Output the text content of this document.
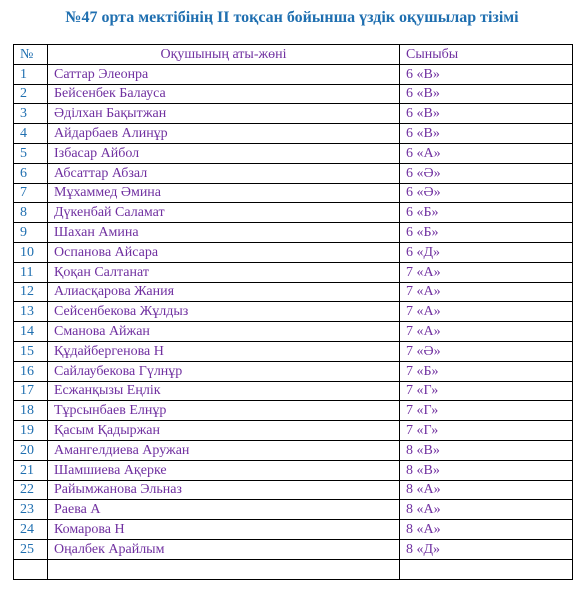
№47 орта мектібінің ІІ тоқсан бойынша үздік оқушылар тізімі
№	Оқушының аты-жөні	Сыныбы
1	Саттар Элеонра	6 «В»
2	Бейсенбек Балауса	6 «В»
3	Әділхан Бақытжан	6 «В»
4	Айдарбаев Алинұр	6 «В»
5	Ізбасар Айбол	6 «А»
6	Абсаттар Абзал	6 «Ә»
7	Мұхаммед Әмина	6 «Ә»
8	Дүкенбай Саламат	6 «Б»
9	Шахан Амина	6 «Б»
10	Оспанова Айсара	6 «Д»
11	Қоқан Салтанат	7 «А»
12	Алиасқарова Жания	7 «А»
13	Сейсенбекова Жұлдыз	7 «А»
14	Сманова Айжан	7 «А»
15	Құдайбергенова Н	7 «Ә»
16	Сайлаубекова Гүлнұр	7 «Б»
17	Есжанқызы Еңлік	7 «Г»
18	Тұрсынбаев Елнұр	7 «Г»
19	Қасым Қадыржан	7 «Г»
20	Амангелдиева Аружан	8 «В»
21	Шамшиева Ақерке	8 «В»
22	Райымжанова Эльназ	8 «А»
23	Раева А	8 «А»
24	Комарова Н	8 «А»
25	Оңалбек Арайлым	8 «Д»
